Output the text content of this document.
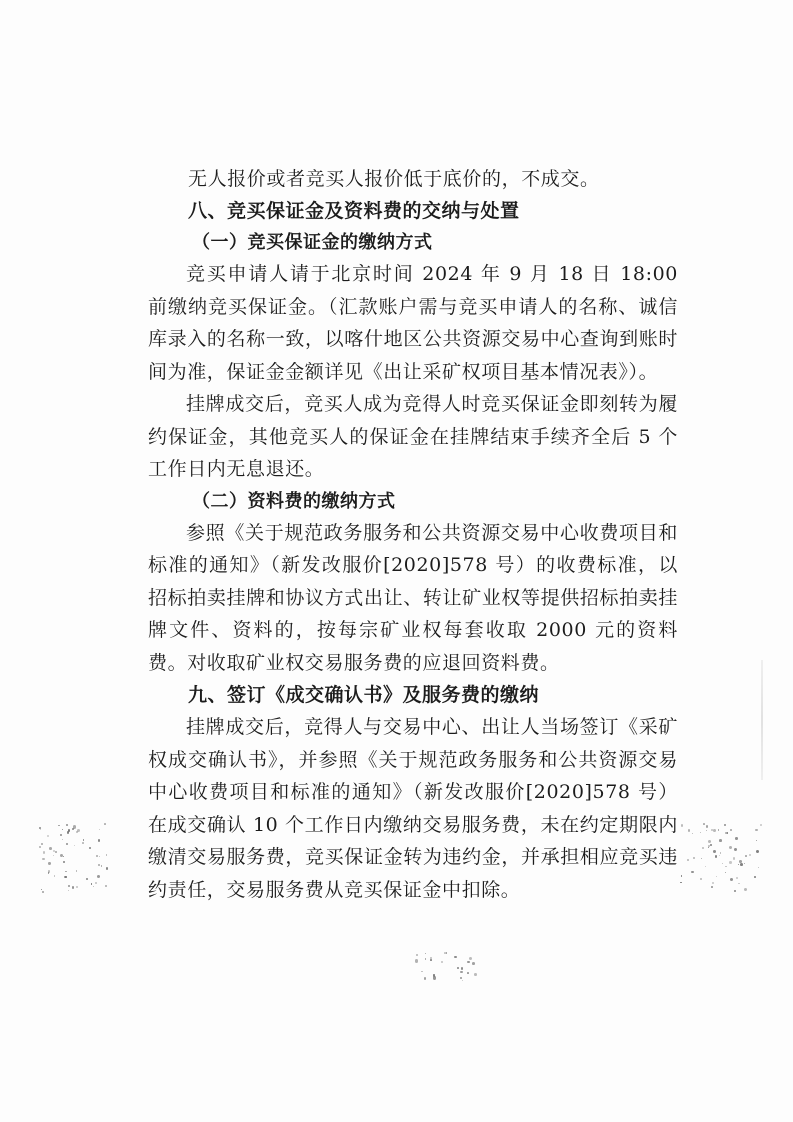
无人报价或者竞买人报价低于底价的，不成交。

八、竞买保证金及资料费的交纳与处置

（一）竞买保证金的缴纳方式

竞买申请人请于北京时间 2024 年 9 月 18 日 18:00 前缴纳竞买保证金。（汇款账户需与竞买申请人的名称、诚信库录入的名称一致，以喀什地区公共资源交易中心查询到账时间为准，保证金金额详见《出让采矿权项目基本情况表》）。

挂牌成交后，竞买人成为竞得人时竞买保证金即刻转为履约保证金，其他竞买人的保证金在挂牌结束手续齐全后 5 个工作日内无息退还。

（二）资料费的缴纳方式

参照《关于规范政务服务和公共资源交易中心收费项目和标准的通知》（新发改服价[2020]578 号）的收费标准，以招标拍卖挂牌和协议方式出让、转让矿业权等提供招标拍卖挂牌文件、资料的，按每宗矿业权每套收取 2000 元的资料费。对收取矿业权交易服务费的应退回资料费。

九、签订《成交确认书》及服务费的缴纳

挂牌成交后，竞得人与交易中心、出让人当场签订《采矿权成交确认书》，并参照《关于规范政务服务和公共资源交易中心收费项目和标准的通知》（新发改服价[2020]578 号）在成交确认 10 个工作日内缴纳交易服务费，未在约定期限内缴清交易服务费，竞买保证金转为违约金，并承担相应竞买违约责任，交易服务费从竞买保证金中扣除。
